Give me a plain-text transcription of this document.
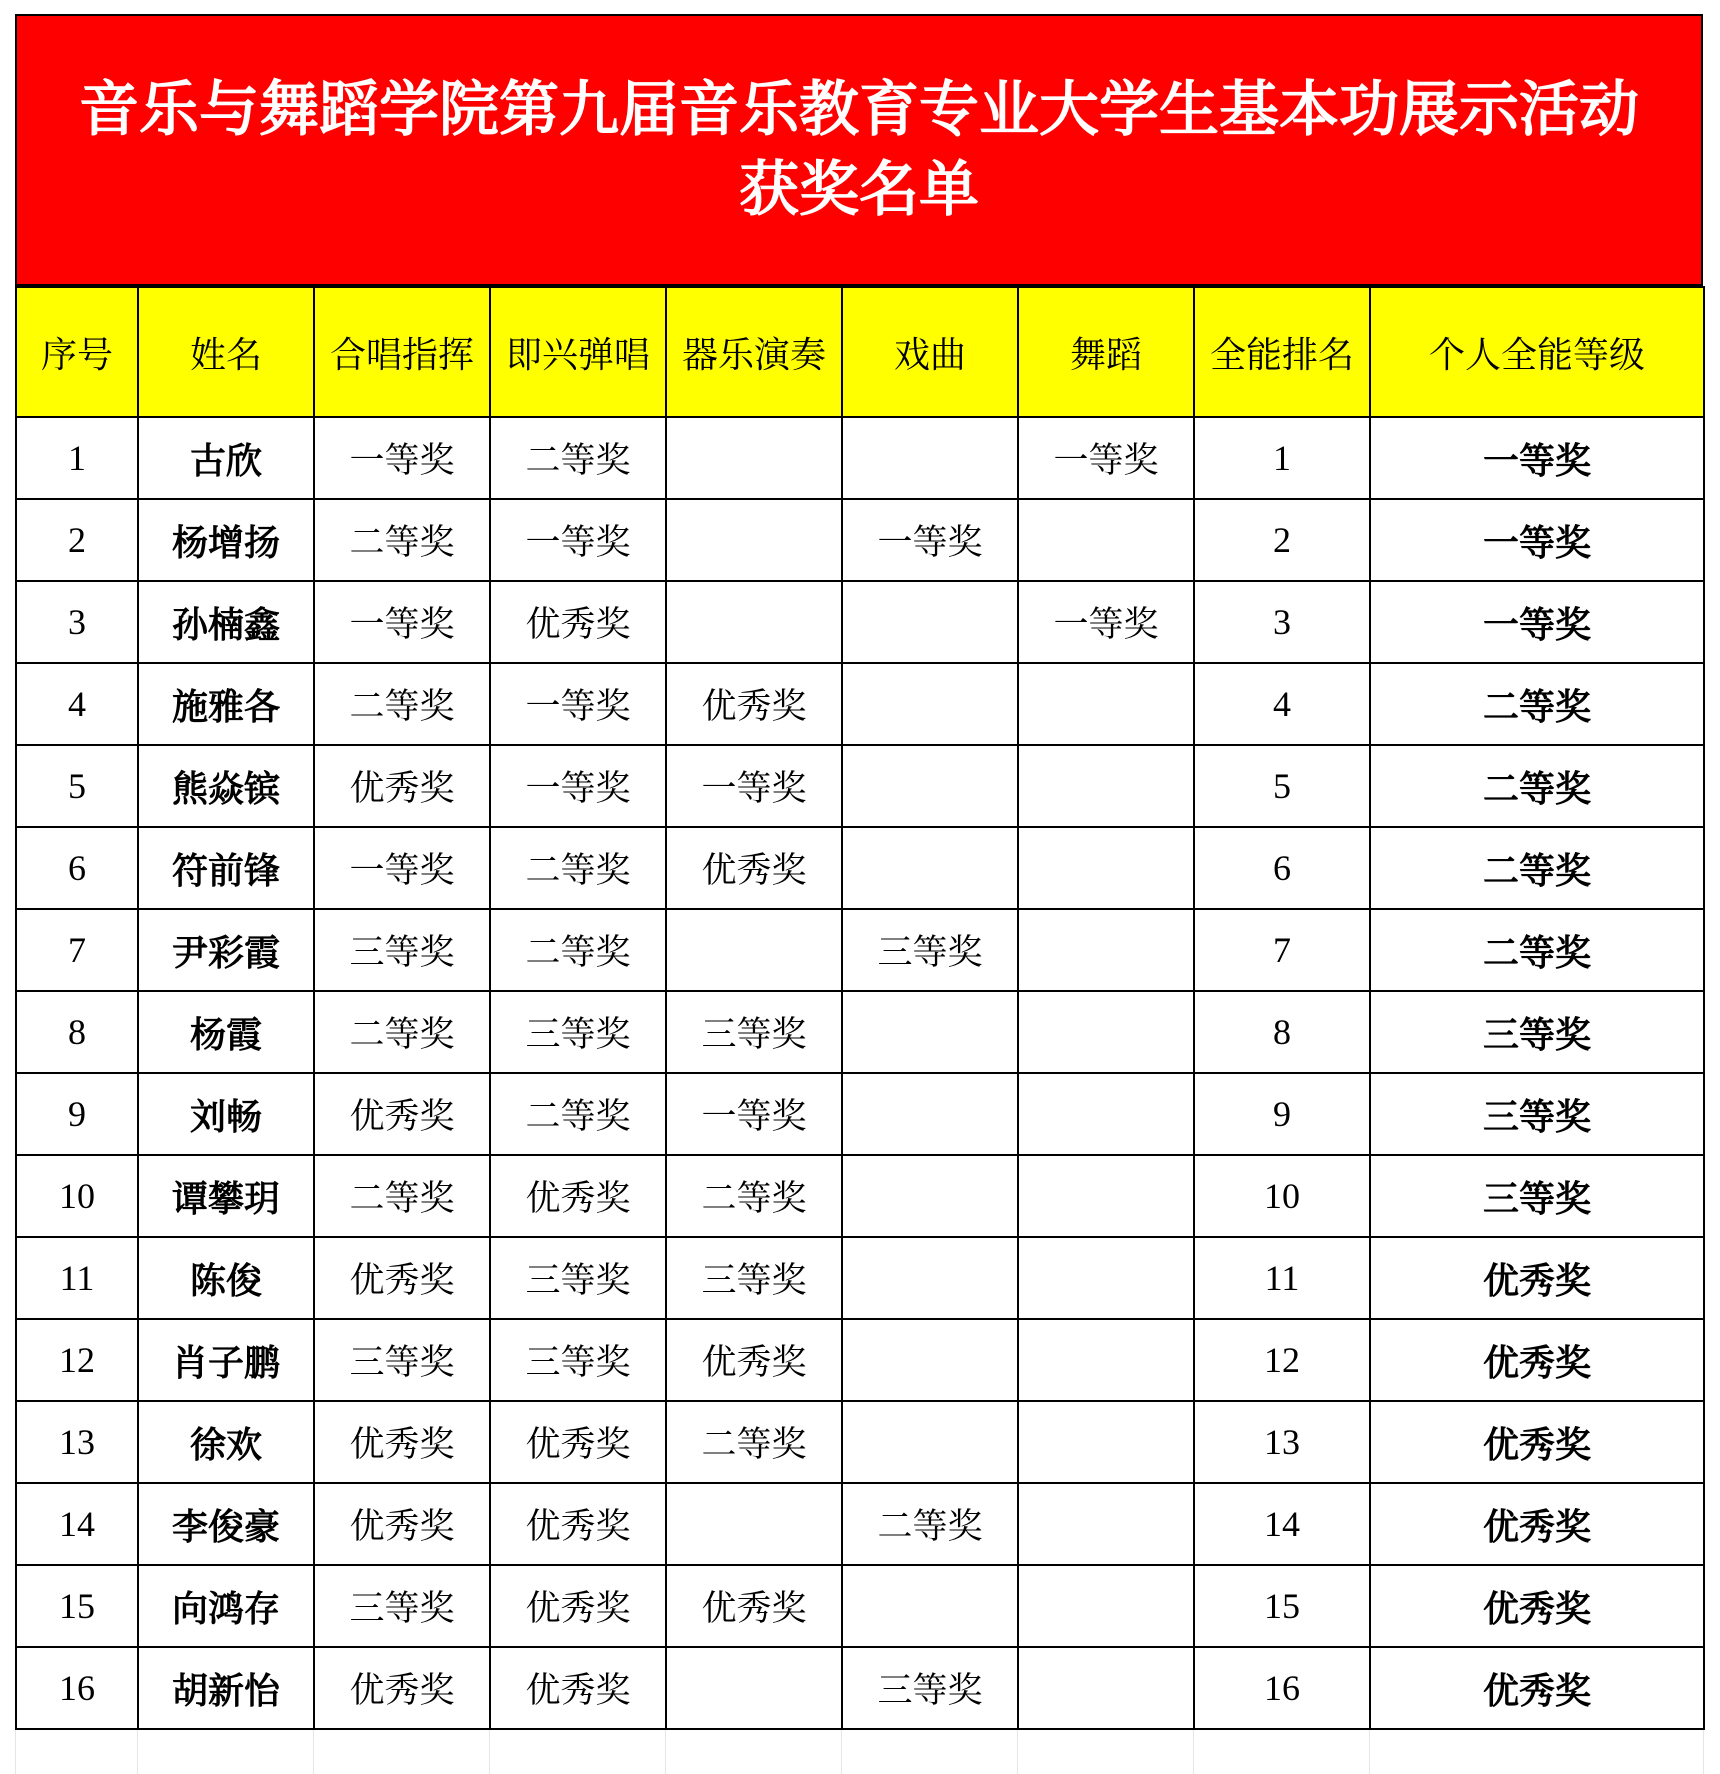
音乐与舞蹈学院第九届音乐教育专业大学生基本功展示活动
获奖名单
序号	姓名	合唱指挥	即兴弹唱	器乐演奏	戏曲	舞蹈	全能排名	个人全能等级
1	古欣	一等奖	二等奖			一等奖	1	一等奖
2	杨增扬	二等奖	一等奖		一等奖		2	一等奖
3	孙楠鑫	一等奖	优秀奖			一等奖	3	一等奖
4	施雅各	二等奖	一等奖	优秀奖			4	二等奖
5	熊焱镔	优秀奖	一等奖	一等奖			5	二等奖
6	符前锋	一等奖	二等奖	优秀奖			6	二等奖
7	尹彩霞	三等奖	二等奖		三等奖		7	二等奖
8	杨霞	二等奖	三等奖	三等奖			8	三等奖
9	刘畅	优秀奖	二等奖	一等奖			9	三等奖
10	谭攀玥	二等奖	优秀奖	二等奖			10	三等奖
11	陈俊	优秀奖	三等奖	三等奖			11	优秀奖
12	肖子鹏	三等奖	三等奖	优秀奖			12	优秀奖
13	徐欢	优秀奖	优秀奖	二等奖			13	优秀奖
14	李俊豪	优秀奖	优秀奖		二等奖		14	优秀奖
15	向鸿存	三等奖	优秀奖	优秀奖			15	优秀奖
16	胡新怡	优秀奖	优秀奖		三等奖		16	优秀奖
